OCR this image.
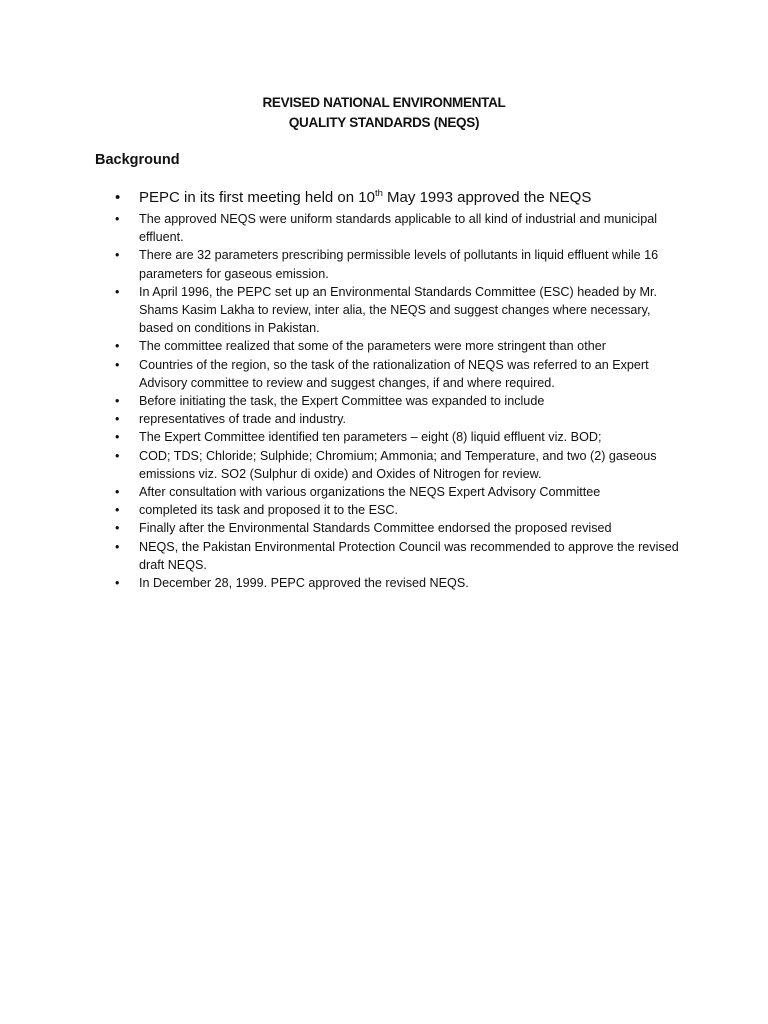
REVISED NATIONAL ENVIRONMENTAL
QUALITY STANDARDS (NEQS)
Background
• PEPC in its first meeting held on 10th May 1993 approved the NEQS
• The approved NEQS were uniform standards applicable to all kind of industrial and municipal effluent.
• There are 32 parameters prescribing permissible levels of pollutants in liquid effluent while 16 parameters for gaseous emission.
• In April 1996, the PEPC set up an Environmental Standards Committee (ESC) headed by Mr. Shams Kasim Lakha to review, inter alia, the NEQS and suggest changes where necessary, based on conditions in Pakistan.
• The committee realized that some of the parameters were more stringent than other
• Countries of the region, so the task of the rationalization of NEQS was referred to an Expert Advisory committee to review and suggest changes, if and where required.
• Before initiating the task, the Expert Committee was expanded to include
• representatives of trade and industry.
• The Expert Committee identified ten parameters – eight (8) liquid effluent viz. BOD;
• COD; TDS; Chloride; Sulphide; Chromium; Ammonia; and Temperature, and two (2) gaseous emissions viz. SO2 (Sulphur di oxide) and Oxides of Nitrogen for review.
• After consultation with various organizations the NEQS Expert Advisory Committee
• completed its task and proposed it to the ESC.
• Finally after the Environmental Standards Committee endorsed the proposed revised
• NEQS, the Pakistan Environmental Protection Council was recommended to approve the revised draft NEQS.
• In December 28, 1999. PEPC approved the revised NEQS.
